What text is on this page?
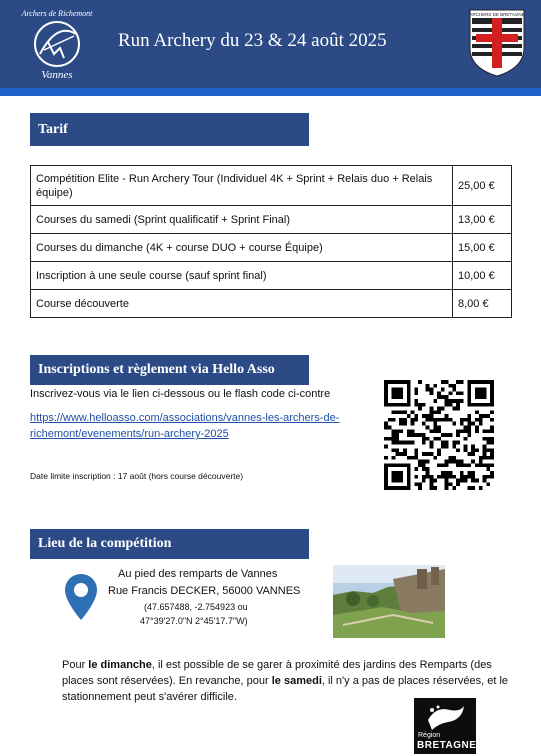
Archers de Richemont
Vannes
Run Archery du 23 & 24 août 2025
ARCHERS DE BRETAGNE
Tarif
Compétition Elite - Run Archery Tour (Individuel 4K + Sprint + Relais duo + Relais équipe)	25,00 €
Courses du samedi (Sprint qualificatif + Sprint Final)	13,00 €
Courses du dimanche (4K + course DUO + course Équipe)	15,00 €
Inscription à une seule course (sauf sprint final)	10,00 €
Course découverte	8,00 €
Inscriptions et règlement via Hello Asso
Inscrivez-vous via le lien ci-dessous ou le flash code ci-contre
https://www.helloasso.com/associations/vannes-les-archers-de-
richemont/evenements/run-archery-2025
Date limite inscription : 17 août (hors course découverte)
Lieu de la compétition
Au pied des remparts de Vannes
Rue Francis DECKER, 56000 VANNES
(47.657488, -2.754923 ou
47°39'27.0"N 2°45'17.7"W)
Pour le dimanche, il est possible de se garer à proximité des jardins des Remparts (des places sont réservées). En revanche, pour le samedi, il n'y a pas de places réservées, et le stationnement peut s'avérer difficile.
Région
BRETAGNE
